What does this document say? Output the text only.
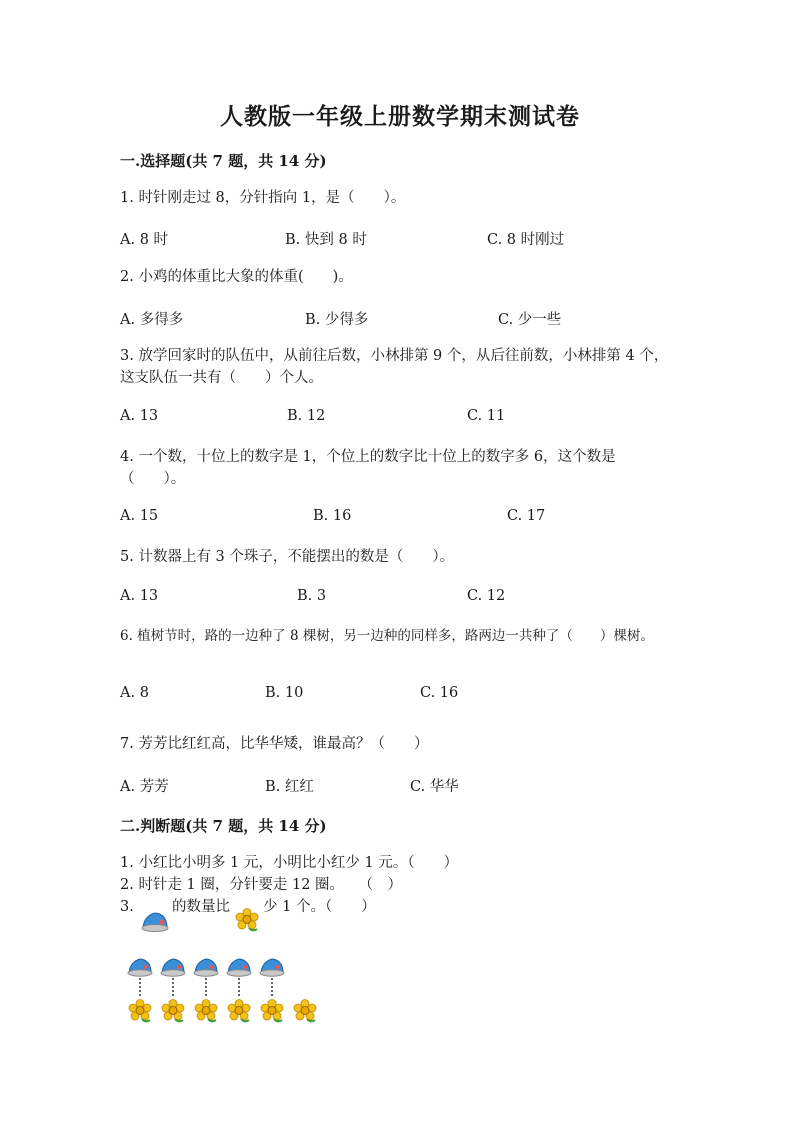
人教版一年级上册数学期末测试卷
一.选择题(共 7 题，共 14 分)
1. 时针刚走过 8，分针指向 1，是（　　）。
A. 8 时	B. 快到 8 时	C. 8 时刚过
2. 小鸡的体重比大象的体重(　　)。
A. 多得多	B. 少得多	C. 少一些
3. 放学回家时的队伍中，从前往后数，小林排第 9 个，从后往前数，小林排第 4 个，这支队伍一共有（　　）个人。
A. 13	B. 12	C. 11
4. 一个数，十位上的数字是 1，个位上的数字比十位上的数字多 6，这个数是（　　）。
A. 15	B. 16	C. 17
5. 计数器上有 3 个珠子，不能摆出的数是（　　）。
A. 13	B. 3	C. 12
6. 植树节时，路的一边种了 8 棵树，另一边种的同样多，路两边一共种了（　　）棵树。
A. 8	B. 10	C. 16
7. 芳芳比红红高，比华华矮，谁最高？（　　）
A. 芳芳	B. 红红	C. 华华
二.判断题(共 7 题，共 14 分)
1. 小红比小明多 1 元，小明比小红少 1 元。（　　）
2. 时针走 1 圈，分针要走 12 圈。　　（　）
3.	的数量比	少 1 个。（　　）
